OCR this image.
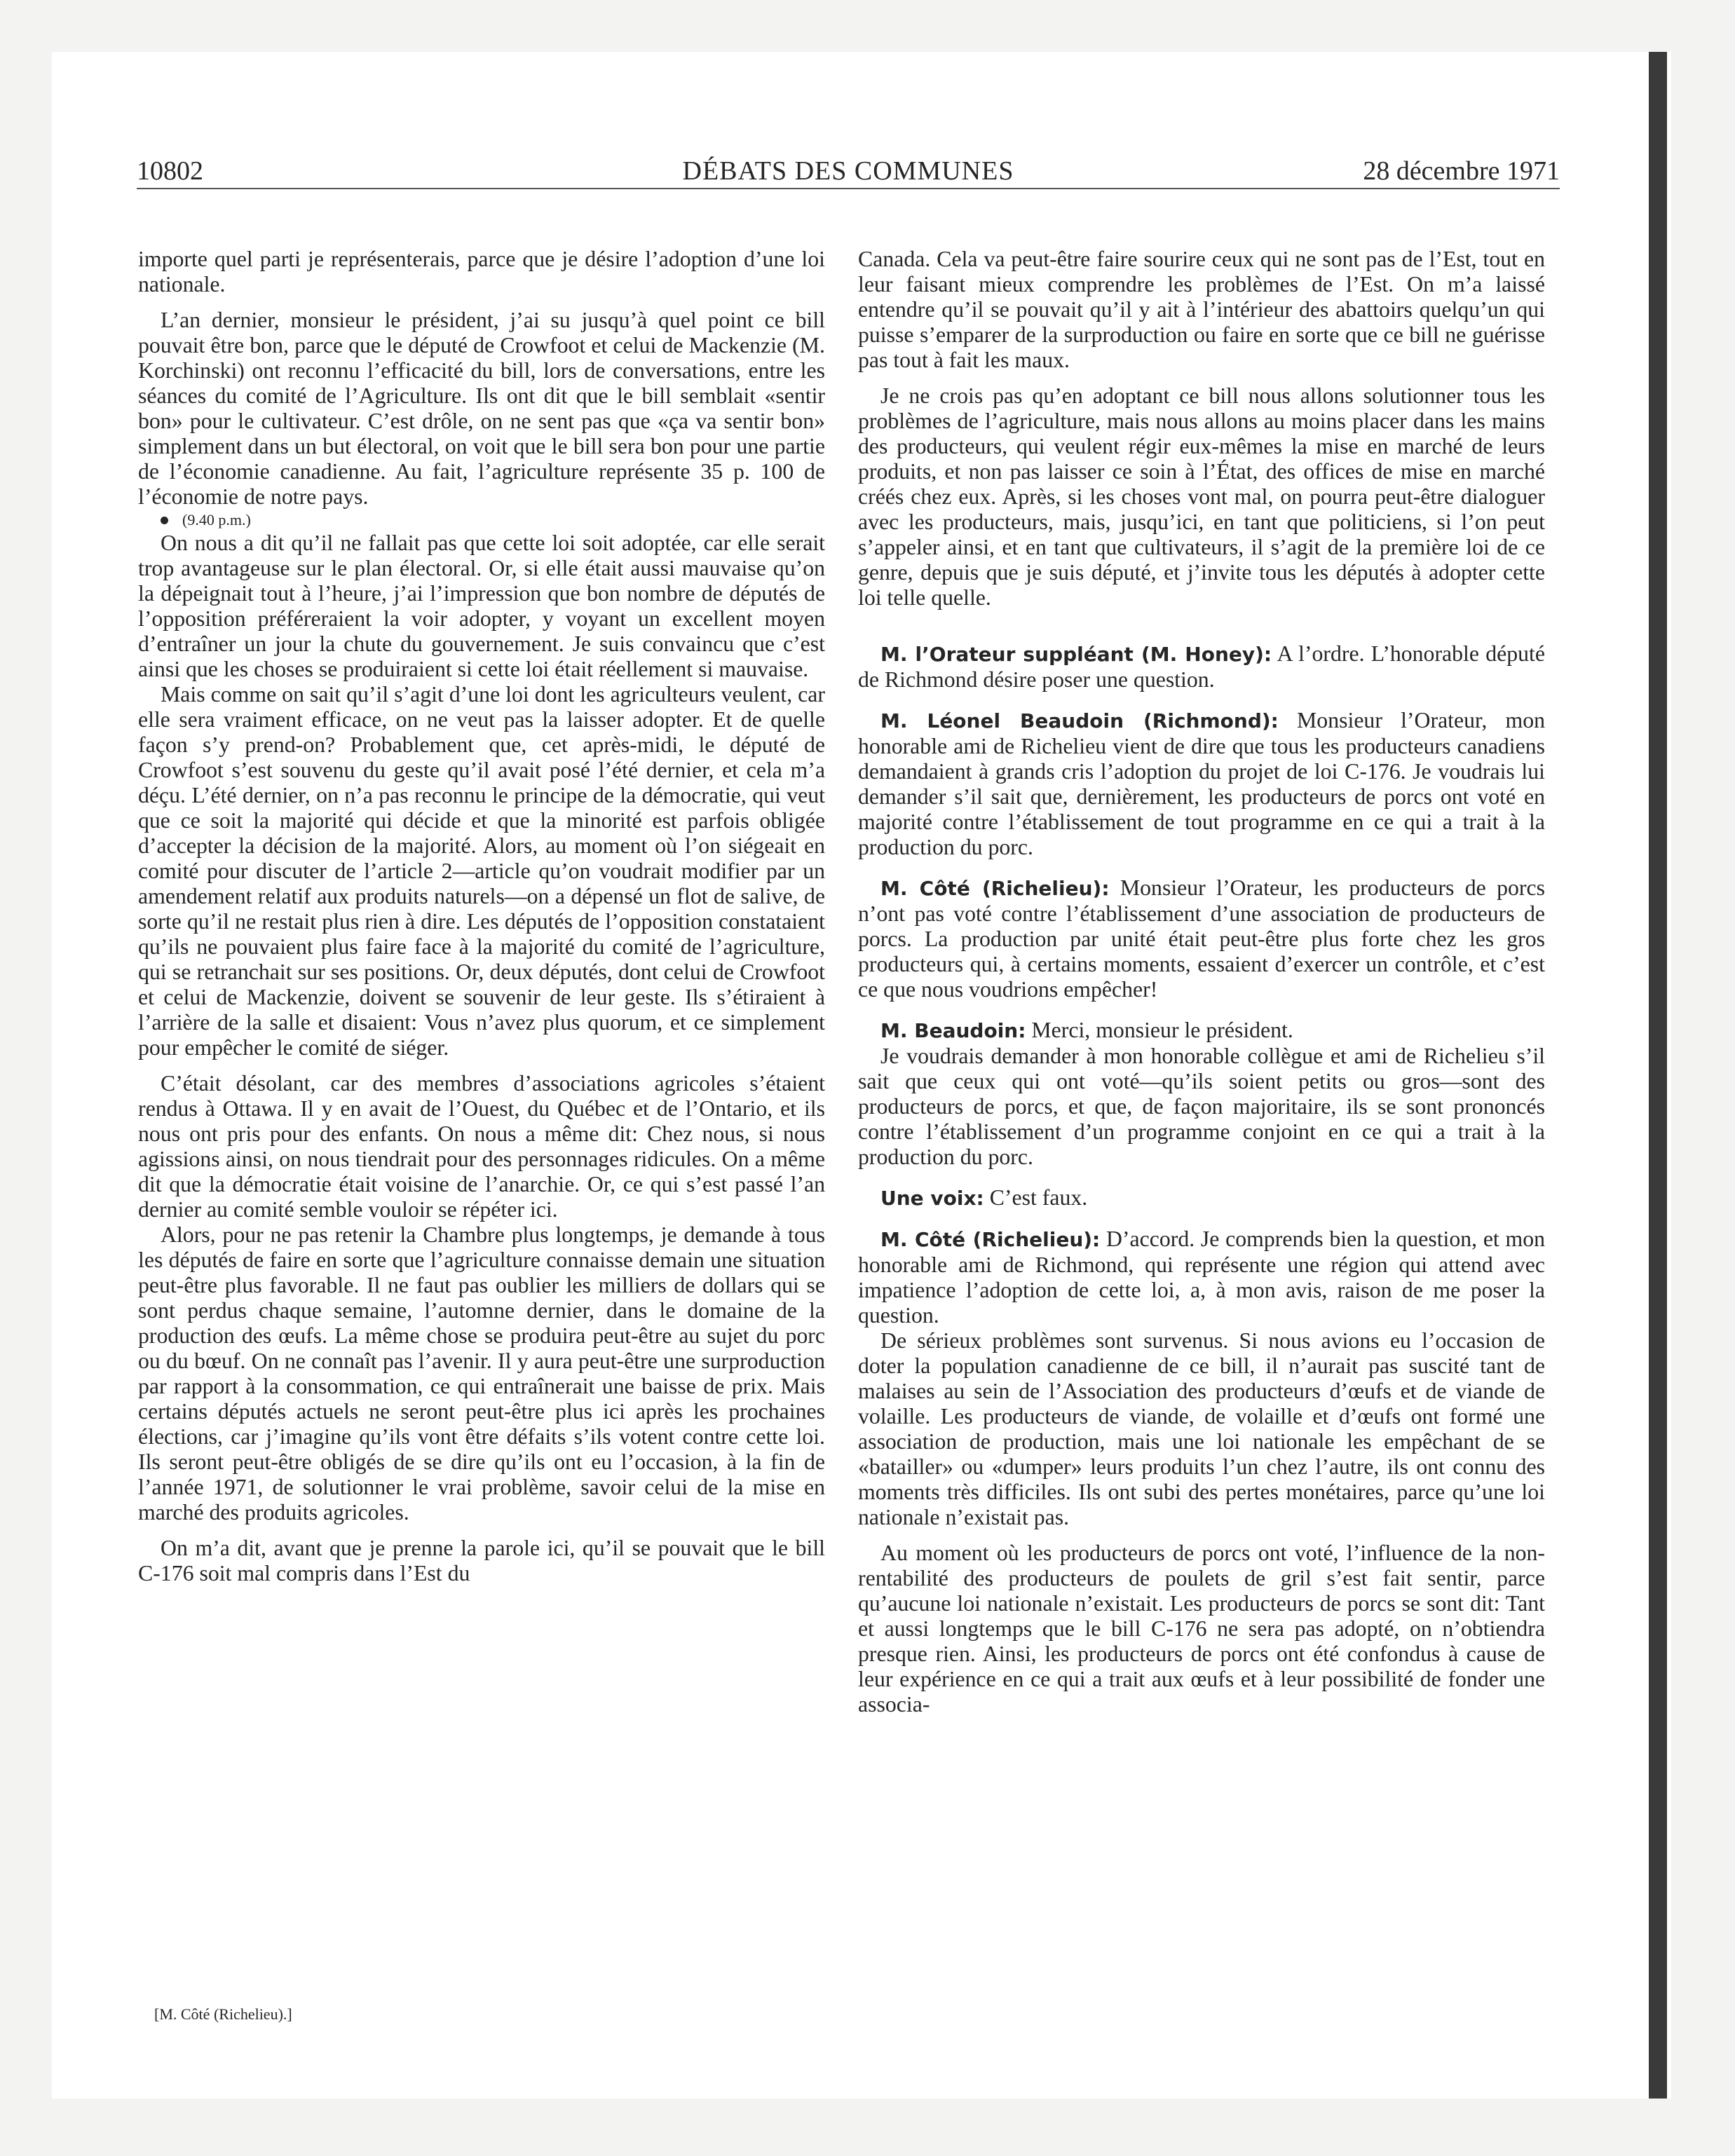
10802	DÉBATS DES COMMUNES	28 décembre 1971

importe quel parti je représenterais, parce que je désire l’adoption d’une loi nationale.

L’an dernier, monsieur le président, j’ai su jusqu’à quel point ce bill pouvait être bon, parce que le député de Crowfoot et celui de Mackenzie (M. Korchinski) ont reconnu l’efficacité du bill, lors de conversations, entre les séances du comité de l’Agriculture. Ils ont dit que le bill semblait «sentir bon» pour le cultivateur. C’est drôle, on ne sent pas que «ça va sentir bon» simplement dans un but électoral, on voit que le bill sera bon pour une partie de l’économie canadienne. Au fait, l’agriculture représente 35 p. 100 de l’économie de notre pays.

(9.40 p.m.)

On nous a dit qu’il ne fallait pas que cette loi soit adoptée, car elle serait trop avantageuse sur le plan électoral. Or, si elle était aussi mauvaise qu’on la dépeignait tout à l’heure, j’ai l’impression que bon nombre de députés de l’opposition préféreraient la voir adopter, y voyant un excellent moyen d’entraîner un jour la chute du gouvernement. Je suis convaincu que c’est ainsi que les choses se produiraient si cette loi était réellement si mauvaise.

Mais comme on sait qu’il s’agit d’une loi dont les agriculteurs veulent, car elle sera vraiment efficace, on ne veut pas la laisser adopter. Et de quelle façon s’y prend-on? Probablement que, cet après-midi, le député de Crowfoot s’est souvenu du geste qu’il avait posé l’été dernier, et cela m’a déçu. L’été dernier, on n’a pas reconnu le principe de la démocratie, qui veut que ce soit la majorité qui décide et que la minorité est parfois obligée d’accepter la décision de la majorité. Alors, au moment où l’on siégeait en comité pour discuter de l’article 2—article qu’on voudrait modifier par un amendement relatif aux produits naturels—on a dépensé un flot de salive, de sorte qu’il ne restait plus rien à dire. Les députés de l’opposition constataient qu’ils ne pouvaient plus faire face à la majorité du comité de l’agriculture, qui se retranchait sur ses positions. Or, deux députés, dont celui de Crowfoot et celui de Mackenzie, doivent se souvenir de leur geste. Ils s’étiraient à l’arrière de la salle et disaient: Vous n’avez plus quorum, et ce simplement pour empêcher le comité de siéger.

C’était désolant, car des membres d’associations agricoles s’étaient rendus à Ottawa. Il y en avait de l’Ouest, du Québec et de l’Ontario, et ils nous ont pris pour des enfants. On nous a même dit: Chez nous, si nous agissions ainsi, on nous tiendrait pour des personnages ridicules. On a même dit que la démocratie était voisine de l’anarchie. Or, ce qui s’est passé l’an dernier au comité semble vouloir se répéter ici.

Alors, pour ne pas retenir la Chambre plus longtemps, je demande à tous les députés de faire en sorte que l’agriculture connaisse demain une situation peut-être plus favorable. Il ne faut pas oublier les milliers de dollars qui se sont perdus chaque semaine, l’automne dernier, dans le domaine de la production des œufs. La même chose se produira peut-être au sujet du porc ou du bœuf. On ne connaît pas l’avenir. Il y aura peut-être une surproduction par rapport à la consommation, ce qui entraînerait une baisse de prix. Mais certains députés actuels ne seront peut-être plus ici après les prochaines élections, car j’imagine qu’ils vont être défaits s’ils votent contre cette loi. Ils seront peut-être obligés de se dire qu’ils ont eu l’occasion, à la fin de l’année 1971, de solutionner le vrai problème, savoir celui de la mise en marché des produits agricoles.

On m’a dit, avant que je prenne la parole ici, qu’il se pouvait que le bill C-176 soit mal compris dans l’Est du

Canada. Cela va peut-être faire sourire ceux qui ne sont pas de l’Est, tout en leur faisant mieux comprendre les problèmes de l’Est. On m’a laissé entendre qu’il se pouvait qu’il y ait à l’intérieur des abattoirs quelqu’un qui puisse s’emparer de la surproduction ou faire en sorte que ce bill ne guérisse pas tout à fait les maux.

Je ne crois pas qu’en adoptant ce bill nous allons solutionner tous les problèmes de l’agriculture, mais nous allons au moins placer dans les mains des producteurs, qui veulent régir eux-mêmes la mise en marché de leurs produits, et non pas laisser ce soin à l’État, des offices de mise en marché créés chez eux. Après, si les choses vont mal, on pourra peut-être dialoguer avec les producteurs, mais, jusqu’ici, en tant que politiciens, si l’on peut s’appeler ainsi, et en tant que cultivateurs, il s’agit de la première loi de ce genre, depuis que je suis député, et j’invite tous les députés à adopter cette loi telle quelle.

M. l’Orateur suppléant (M. Honey): A l’ordre. L’honorable député de Richmond désire poser une question.

M. Léonel Beaudoin (Richmond): Monsieur l’Orateur, mon honorable ami de Richelieu vient de dire que tous les producteurs canadiens demandaient à grands cris l’adoption du projet de loi C-176. Je voudrais lui demander s’il sait que, dernièrement, les producteurs de porcs ont voté en majorité contre l’établissement de tout programme en ce qui a trait à la production du porc.

M. Côté (Richelieu): Monsieur l’Orateur, les producteurs de porcs n’ont pas voté contre l’établissement d’une association de producteurs de porcs. La production par unité était peut-être plus forte chez les gros producteurs qui, à certains moments, essaient d’exercer un contrôle, et c’est ce que nous voudrions empêcher!

M. Beaudoin: Merci, monsieur le président.

Je voudrais demander à mon honorable collègue et ami de Richelieu s’il sait que ceux qui ont voté—qu’ils soient petits ou gros—sont des producteurs de porcs, et que, de façon majoritaire, ils se sont prononcés contre l’établissement d’un programme conjoint en ce qui a trait à la production du porc.

Une voix: C’est faux.

M. Côté (Richelieu): D’accord. Je comprends bien la question, et mon honorable ami de Richmond, qui représente une région qui attend avec impatience l’adoption de cette loi, a, à mon avis, raison de me poser la question.

De sérieux problèmes sont survenus. Si nous avions eu l’occasion de doter la population canadienne de ce bill, il n’aurait pas suscité tant de malaises au sein de l’Association des producteurs d’œufs et de viande de volaille. Les producteurs de viande, de volaille et d’œufs ont formé une association de production, mais une loi nationale les empêchant de se «batailler» ou «dumper» leurs produits l’un chez l’autre, ils ont connu des moments très difficiles. Ils ont subi des pertes monétaires, parce qu’une loi nationale n’existait pas.

Au moment où les producteurs de porcs ont voté, l’influence de la non-rentabilité des producteurs de poulets de gril s’est fait sentir, parce qu’aucune loi nationale n’existait. Les producteurs de porcs se sont dit: Tant et aussi longtemps que le bill C-176 ne sera pas adopté, on n’obtiendra presque rien. Ainsi, les producteurs de porcs ont été confondus à cause de leur expérience en ce qui a trait aux œufs et à leur possibilité de fonder une associa-

[M. Côté (Richelieu).]
